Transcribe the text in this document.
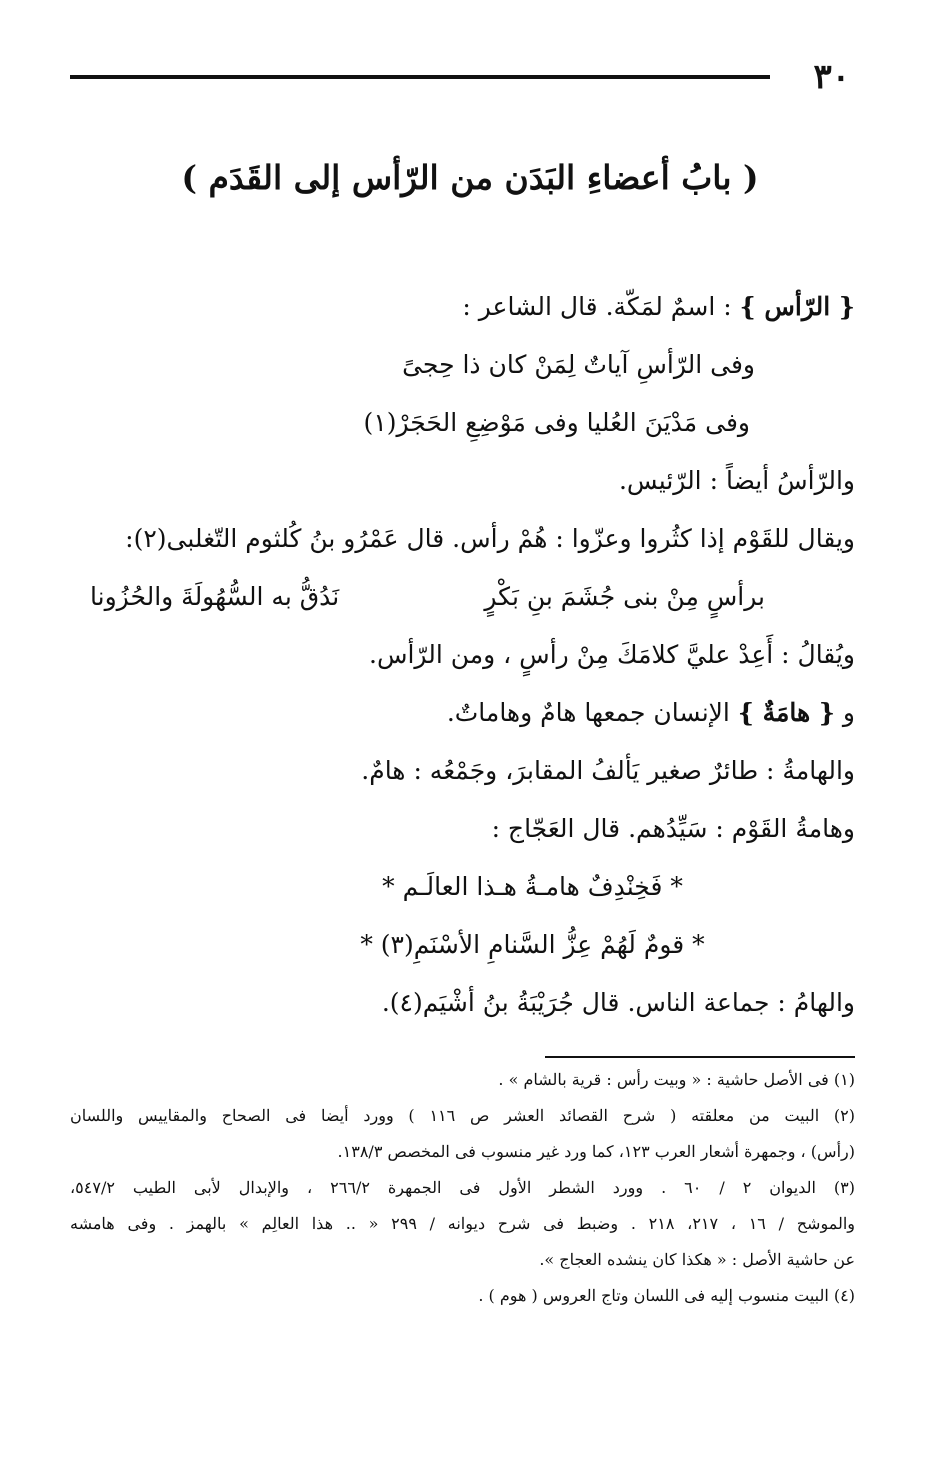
٣٠
( بابُ أعضاءِ البَدَن من الرّأس إلى القَدَم )
{ الرّأس } : اسمٌ لمَكّة. قال الشاعر :
وفى الرّأسِ آياتٌ لِمَنْ كان ذا حِجىً
وفى مَدْيَنَ العُليا وفى مَوْضِعِ الحَجَرْ(١)
والرّأسُ أيضاً : الرّئيس.
ويقال للقَوْم إذا كثُروا وعزّوا : هُمْ رأس. قال عَمْرُو بنُ كُلثوم التّغلبى(٢):
برأسٍ مِنْ بنى جُشَمَ بنِ بَكْرٍ
نَدُقُّ به السُّهُولَةَ والحُزُونا
ويُقالُ : أَعِدْ عليَّ كلامَكَ مِنْ رأسٍ ، ومن الرّأس.
و { هامَةٌ } الإنسان جمعها هامٌ وهاماتٌ.
والهامةُ : طائرٌ صغير يَألفُ المقابرَ، وجَمْعُه : هامٌ.
وهامةُ القَوْم : سَيِّدُهم. قال العَجّاج :
* فَخِنْدِفٌ هامـةُ هـذا العالَـم *
* قومٌ لَهُمْ عِزُّ السَّنامِ الأسْنَمِ(٣) *
والهامُ : جماعة الناس. قال جُرَيْبَةُ بنُ أشْيَم(٤).
(١) فى الأصل حاشية : « وبيت رأس : قرية بالشام » .
(٢) البيت من معلقته ( شرح القصائد العشر ص ١١٦ ) وورد أيضا فى الصحاح والمقاييس واللسان
(رأس) ، وجمهرة أشعار العرب ١٢٣، كما ورد غير منسوب فى المخصص ١٣٨/٣.
(٣) الديوان ٢ / ٦٠ . وورد الشطر الأول فى الجمهرة ٢٦٦/٢ ، والإبدال لأبى الطيب ٥٤٧/٢،
والموشح / ١٦ ، ٢١٧، ٢١٨ . وضبط فى شرح ديوانه / ٢٩٩ « .. هذا العالِم » بالهمز . وفى هامشه
عن حاشية الأصل : « هكذا كان ينشده العجاج ».
(٤) البيت منسوب إليه فى اللسان وتاج العروس ( هوم ) .
